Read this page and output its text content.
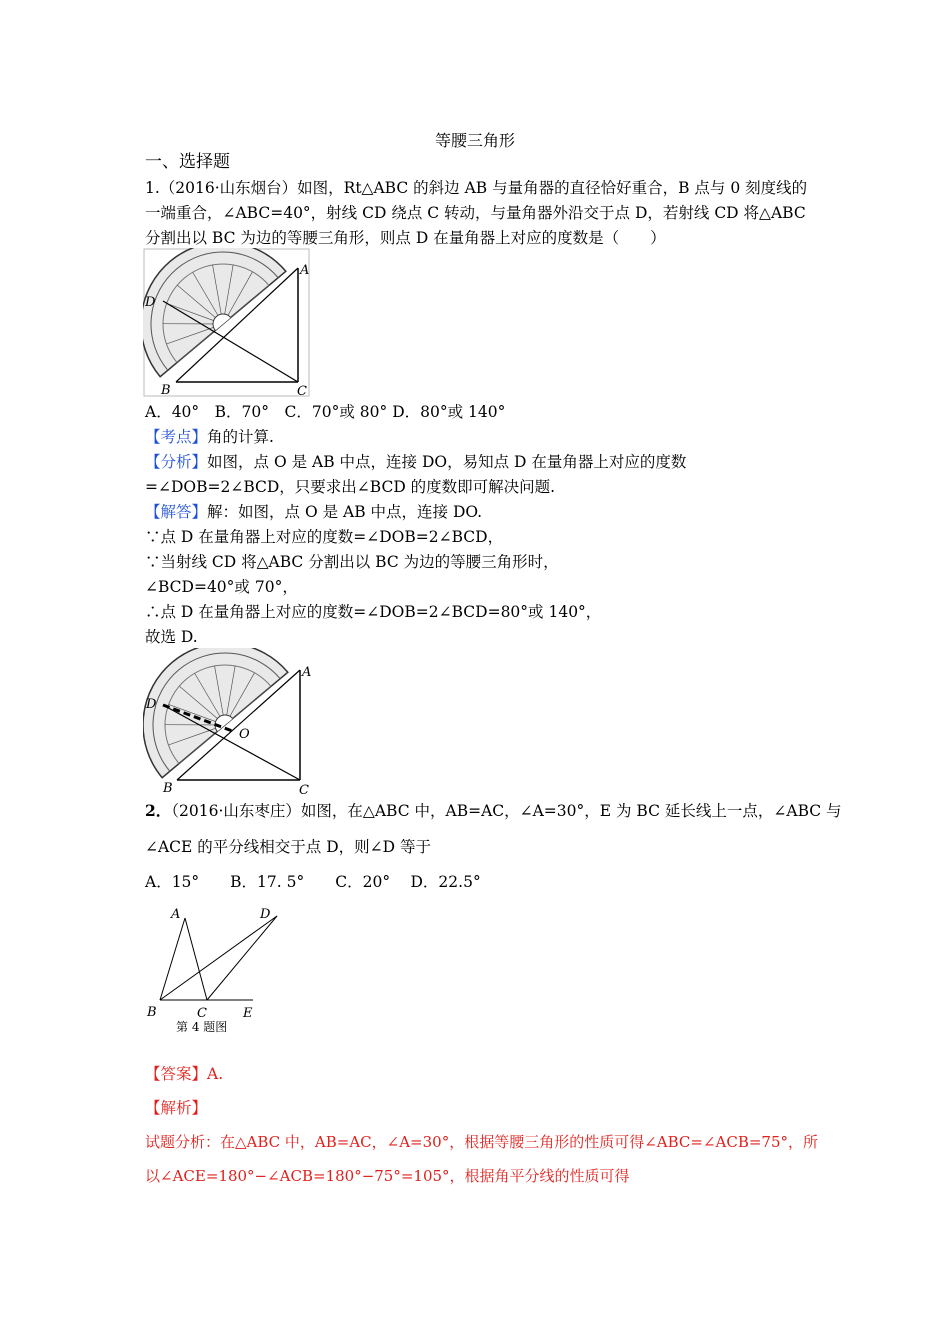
等腰三角形
一、选择题
1.（2016·山东烟台）如图，Rt△ABC 的斜边 AB 与量角器的直径恰好重合，B 点与 0 刻度线的
一端重合，∠ABC=40°，射线 CD 绕点 C 转动，与量角器外沿交于点 D，若射线 CD 将△ABC
分割出以 BC 为边的等腰三角形，则点 D 在量角器上对应的度数是（　　）
A
D
B	C
A．40°　B．70°　C．70°或 80° D．80°或 140°
【考点】角的计算.
【分析】如图，点 O 是 AB 中点，连接 DO，易知点 D 在量角器上对应的度数
=∠DOB=2∠BCD，只要求出∠BCD 的度数即可解决问题.
【解答】解：如图，点 O 是 AB 中点，连接 DO.
∵点 D 在量角器上对应的度数=∠DOB=2∠BCD，
∵当射线 CD 将△ABC 分割出以 BC 为边的等腰三角形时，
∠BCD=40°或 70°，
∴点 D 在量角器上对应的度数=∠DOB=2∠BCD=80°或 140°，
故选 D.
A
D
O
B	C
2．（2016·山东枣庄）如图，在△ABC 中，AB=AC，∠A=30°，E 为 BC 延长线上一点，∠ABC 与
∠ACE 的平分线相交于点 D，则∠D 等于
A．15°　　B．17. 5°　　C．20°　 D．22.5°
A	D
B	C	E
第 4 题图
【答案】A.
【解析】
试题分析：在△ABC 中，AB=AC，∠A=30°，根据等腰三角形的性质可得∠ABC=∠ACB=75°，所
以∠ACE=180°−∠ACB=180°−75°=105°，根据角平分线的性质可得
